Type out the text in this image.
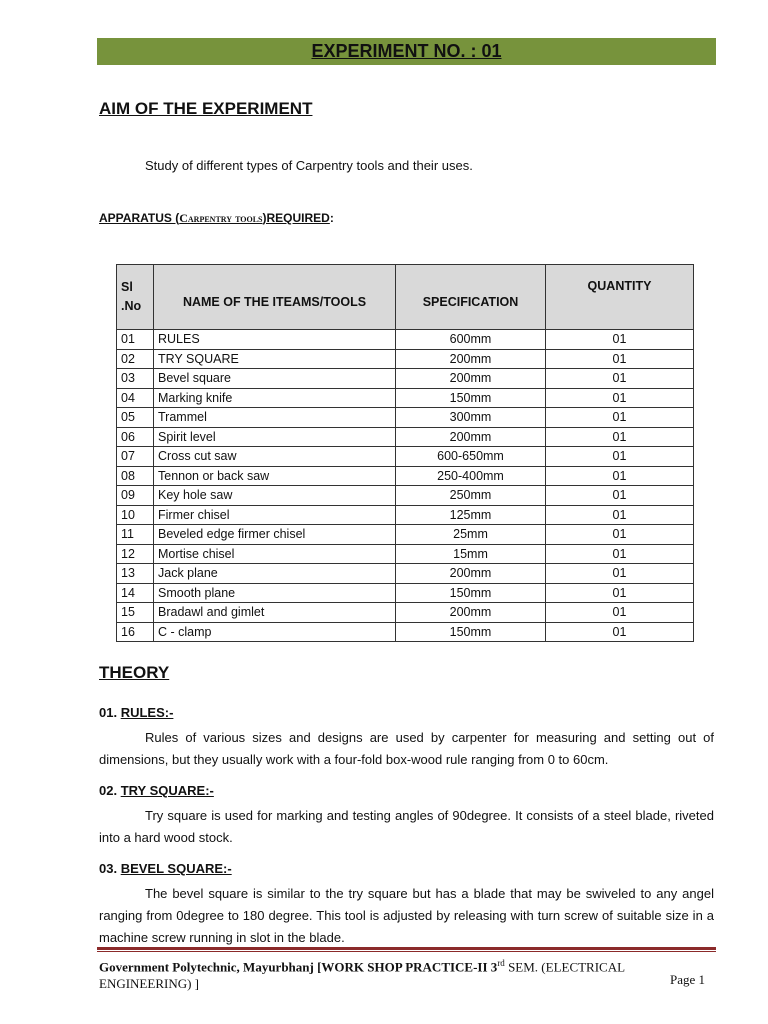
EXPERIMENT NO. : 01
AIM OF THE EXPERIMENT

Study of different types of Carpentry tools and their uses.

APPARATUS (Carpentry tools)REQUIRED:

Sl
.No	NAME OF THE ITEAMS/TOOLS	SPECIFICATION	QUANTITY
01	RULES	600mm	01
02	TRY SQUARE	200mm	01
03	Bevel square	200mm	01
04	Marking knife	150mm	01
05	Trammel	300mm	01
06	Spirit level	200mm	01
07	Cross cut saw	600-650mm	01
08	Tennon or back saw	250-400mm	01
09	Key hole saw	250mm	01
10	Firmer chisel	125mm	01
11	Beveled edge firmer chisel	25mm	01
12	Mortise chisel	15mm	01
13	Jack plane	200mm	01
14	Smooth plane	150mm	01
15	Bradawl and gimlet	200mm	01
16	C - clamp	150mm	01
THEORY

01. RULES:-

Rules of various sizes and designs are used by carpenter for measuring and setting out of dimensions, but they usually work with a four-fold box-wood rule ranging from 0 to 60cm.

02. TRY SQUARE:-

Try square is used for marking and testing angles of 90degree. It consists of a steel blade, riveted into a hard wood stock.

03. BEVEL SQUARE:-

The bevel square is similar to the try square but has a blade that may be swiveled to any angel ranging from 0degree to 180 degree. This tool is adjusted by releasing with turn screw of suitable size in a machine screw running in slot in the blade.

Government Polytechnic, Mayurbhanj [WORK SHOP PRACTICE-II 3rd SEM. (ELECTRICAL ENGINEERING) ]	Page 1
